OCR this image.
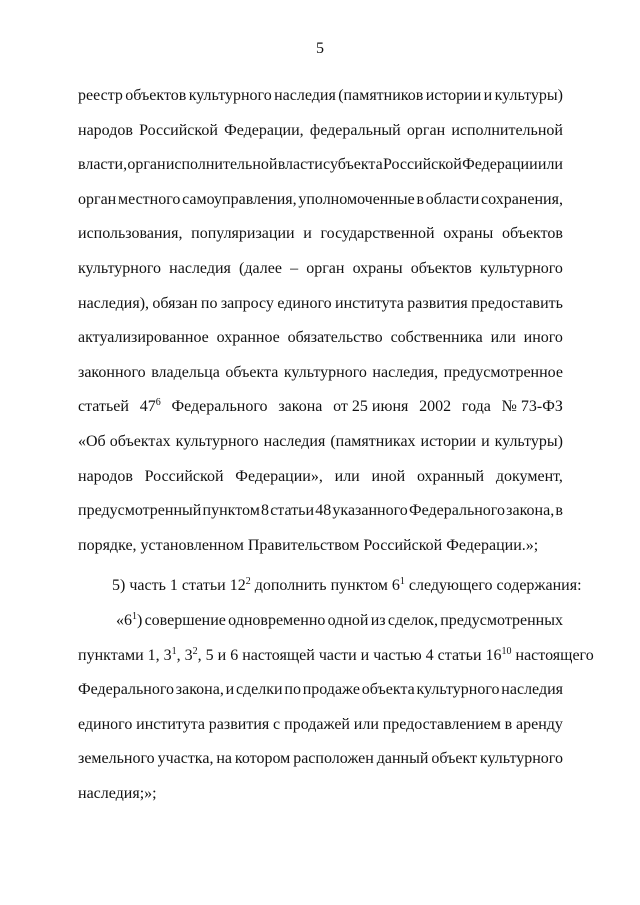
5
реестр объектов культурного наследия (памятников истории и культуры)
народов Российской Федерации, федеральный орган исполнительной
власти, орган исполнительной власти субъекта Российской Федерации или
орган местного самоуправления, уполномоченные в области сохранения,
использования, популяризации и государственной охраны объектов
культурного наследия (далее – орган охраны объектов культурного
наследия), обязан по запросу единого института развития предоставить
актуализированное охранное обязательство собственника или иного
законного владельца объекта культурного наследия, предусмотренное
статьей $47^6$ Федерального закона от 25 июня 2002 года № 73-ФЗ
«Об объектах культурного наследия (памятниках истории и культуры)
народов Российской Федерации», или иной охранный документ,
предусмотренный пунктом 8 статьи 48 указанного Федерального закона, в
порядке, установленном Правительством Российской Федерации.»;
5) часть 1 статьи $12^2$ дополнить пунктом $6^1$ следующего содержания:
«$6^1$) совершение одновременно одной из сделок, предусмотренных
пунктами 1, $3^1$, $3^2$, 5 и 6 настоящей части и частью 4 статьи $16^{10}$ настоящего
Федерального закона, и сделки по продаже объекта культурного наследия
единого института развития с продажей или предоставлением в аренду
земельного участка, на котором расположен данный объект культурного
наследия;»;
